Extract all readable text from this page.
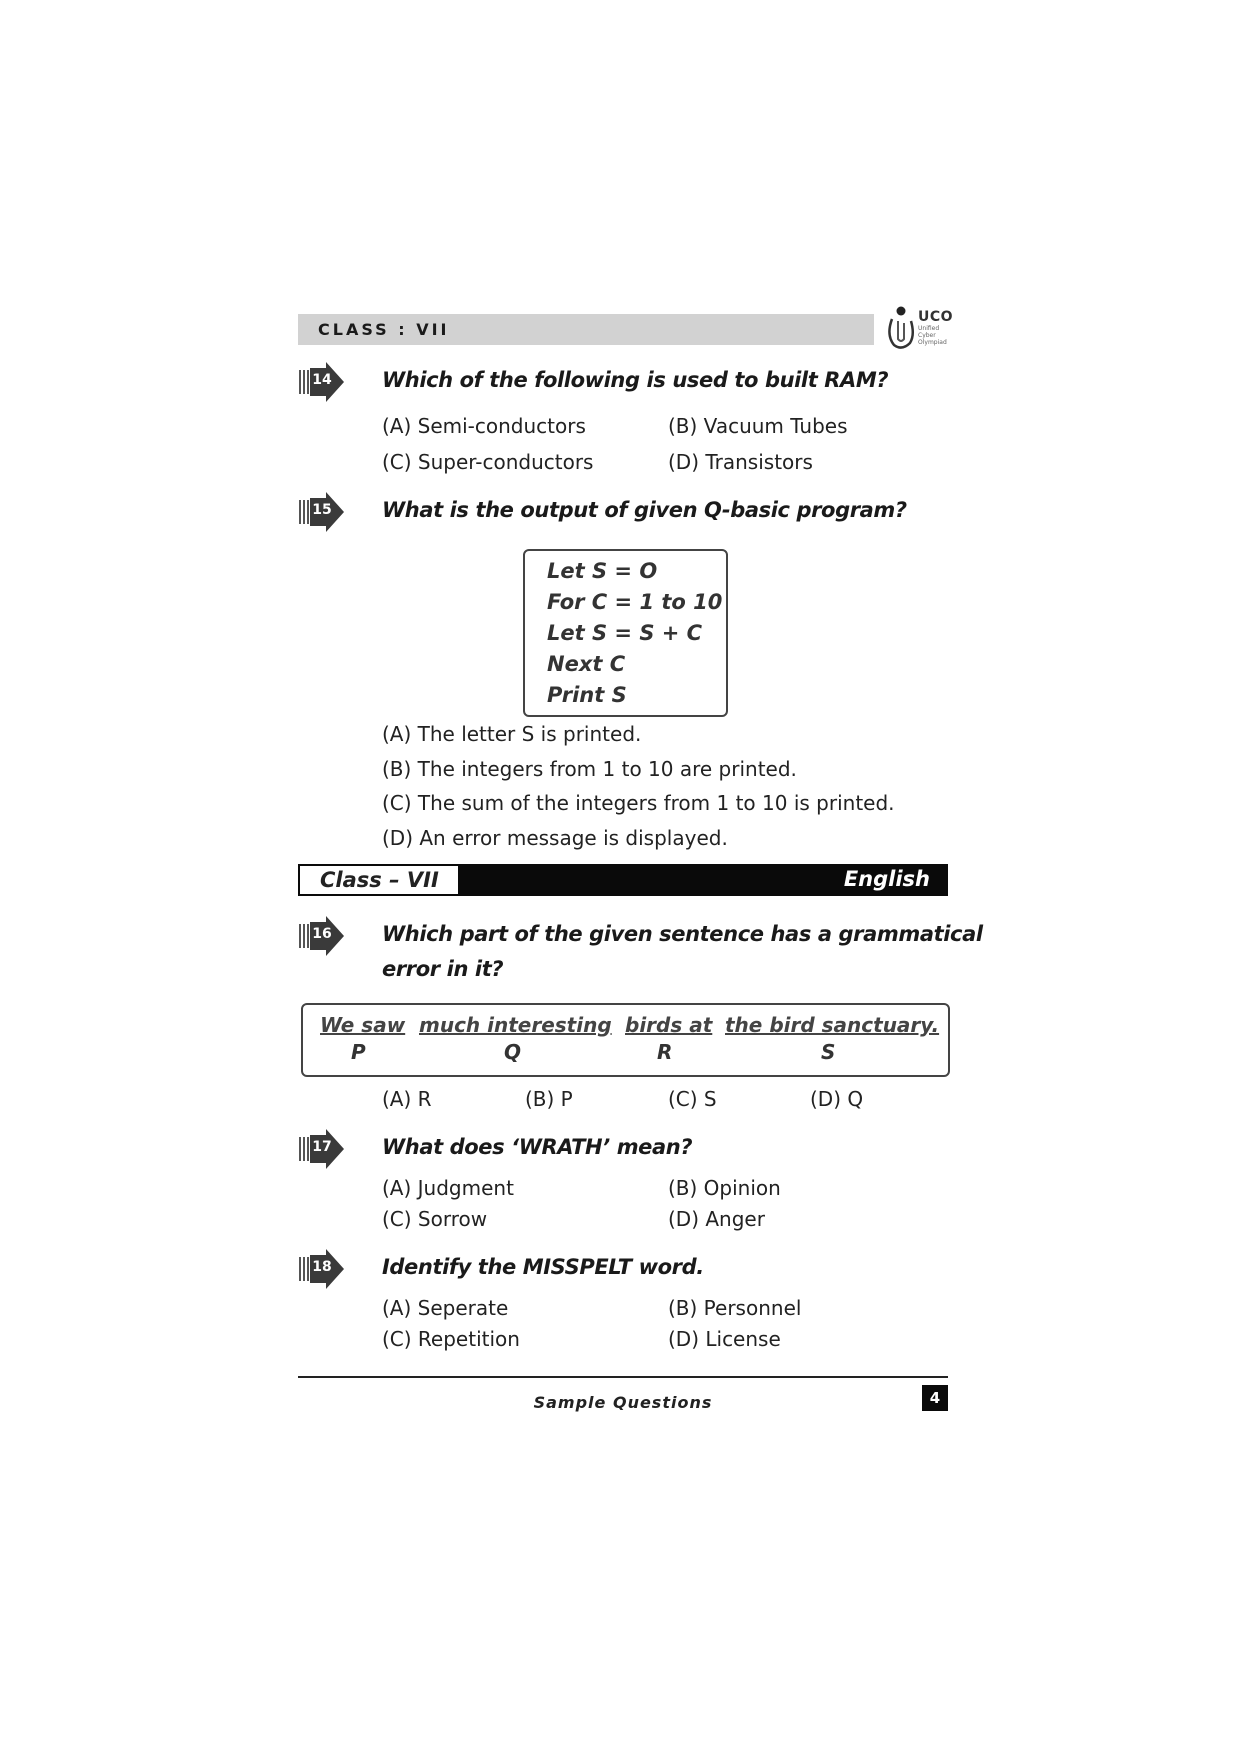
CLASS : VII
UCO
Unified
Cyber
Olympiad
14 Which of the following is used to built RAM?
(A) Semi-conductors	(B) Vacuum Tubes
(C) Super-conductors	(D) Transistors
15 What is the output of given Q-basic program?
Let S = O
For C = 1 to 10
Let S = S + C
Next C
Print S
(A) The letter S is printed.
(B) The integers from 1 to 10 are printed.
(C) The sum of the integers from 1 to 10 is printed.
(D) An error message is displayed.
Class – VII	English
16 Which part of the given sentence has a grammatical
error in it?
We saw much interesting birds at the bird sanctuary.
P	Q	R	S
(A) R	(B) P	(C) S	(D) Q
17 What does ‘WRATH’ mean?
(A) Judgment	(B) Opinion
(C) Sorrow	(D) Anger
18 Identify the MISSPELT word.
(A) Seperate	(B) Personnel
(C) Repetition	(D) License
Sample Questions	4
